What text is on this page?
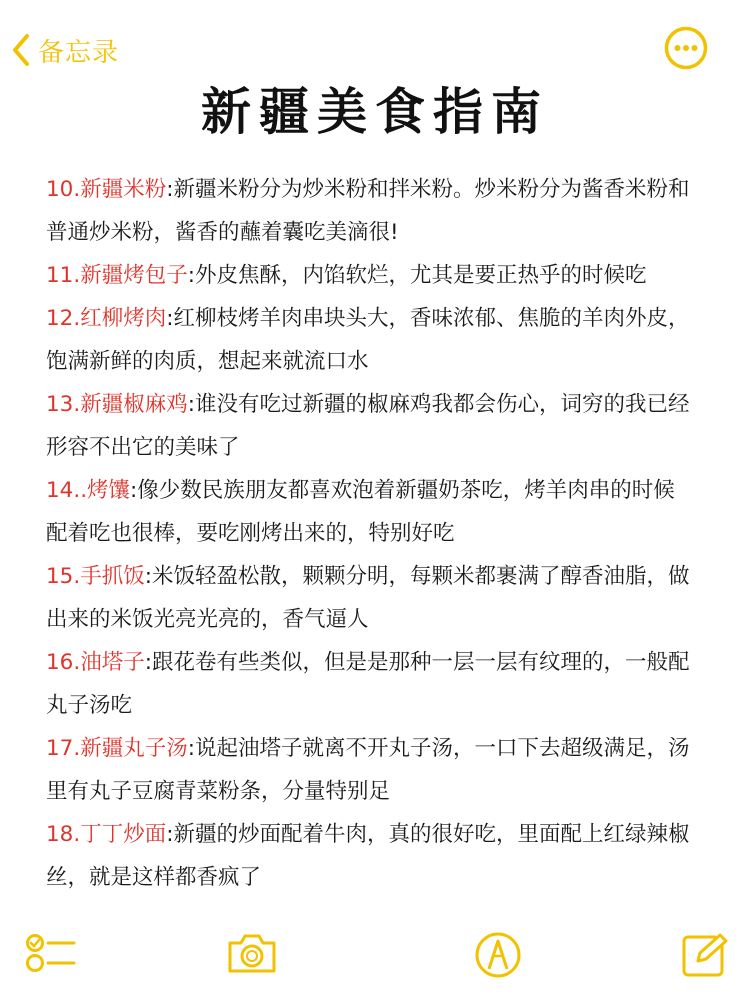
备忘录
新疆美食指南

10.新疆米粉:新疆米粉分为炒米粉和拌米粉。炒米粉分为酱香米粉和普通炒米粉，酱香的蘸着囊吃美滴很!

11.新疆烤包子:外皮焦酥，内馅软烂，尤其是要正热乎的时候吃

12.红柳烤肉:红柳枝烤羊肉串块头大，香味浓郁、焦脆的羊肉外皮，饱满新鲜的肉质，想起来就流口水

13.新疆椒麻鸡:谁没有吃过新疆的椒麻鸡我都会伤心，词穷的我已经形容不出它的美味了

14..烤馕:像少数民族朋友都喜欢泡着新疆奶茶吃，烤羊肉串的时候配着吃也很棒，要吃刚烤出来的，特别好吃

15.手抓饭:米饭轻盈松散，颗颗分明，每颗米都裹满了醇香油脂，做出来的米饭光亮光亮的，香气逼人

16.油塔子:跟花卷有些类似，但是是那种一层一层有纹理的，一般配丸子汤吃

17.新疆丸子汤:说起油塔子就离不开丸子汤，一口下去超级满足，汤里有丸子豆腐青菜粉条，分量特别足

18.丁丁炒面:新疆的炒面配着牛肉，真的很好吃，里面配上红绿辣椒丝，就是这样都香疯了
